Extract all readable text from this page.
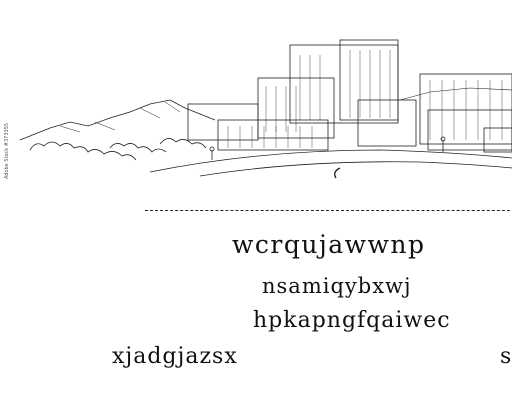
Adobe Stock #373355
wcrqujawwnp
nsamiqybxwj
hpkapngfqaiwec
xjadgjazsx	s
